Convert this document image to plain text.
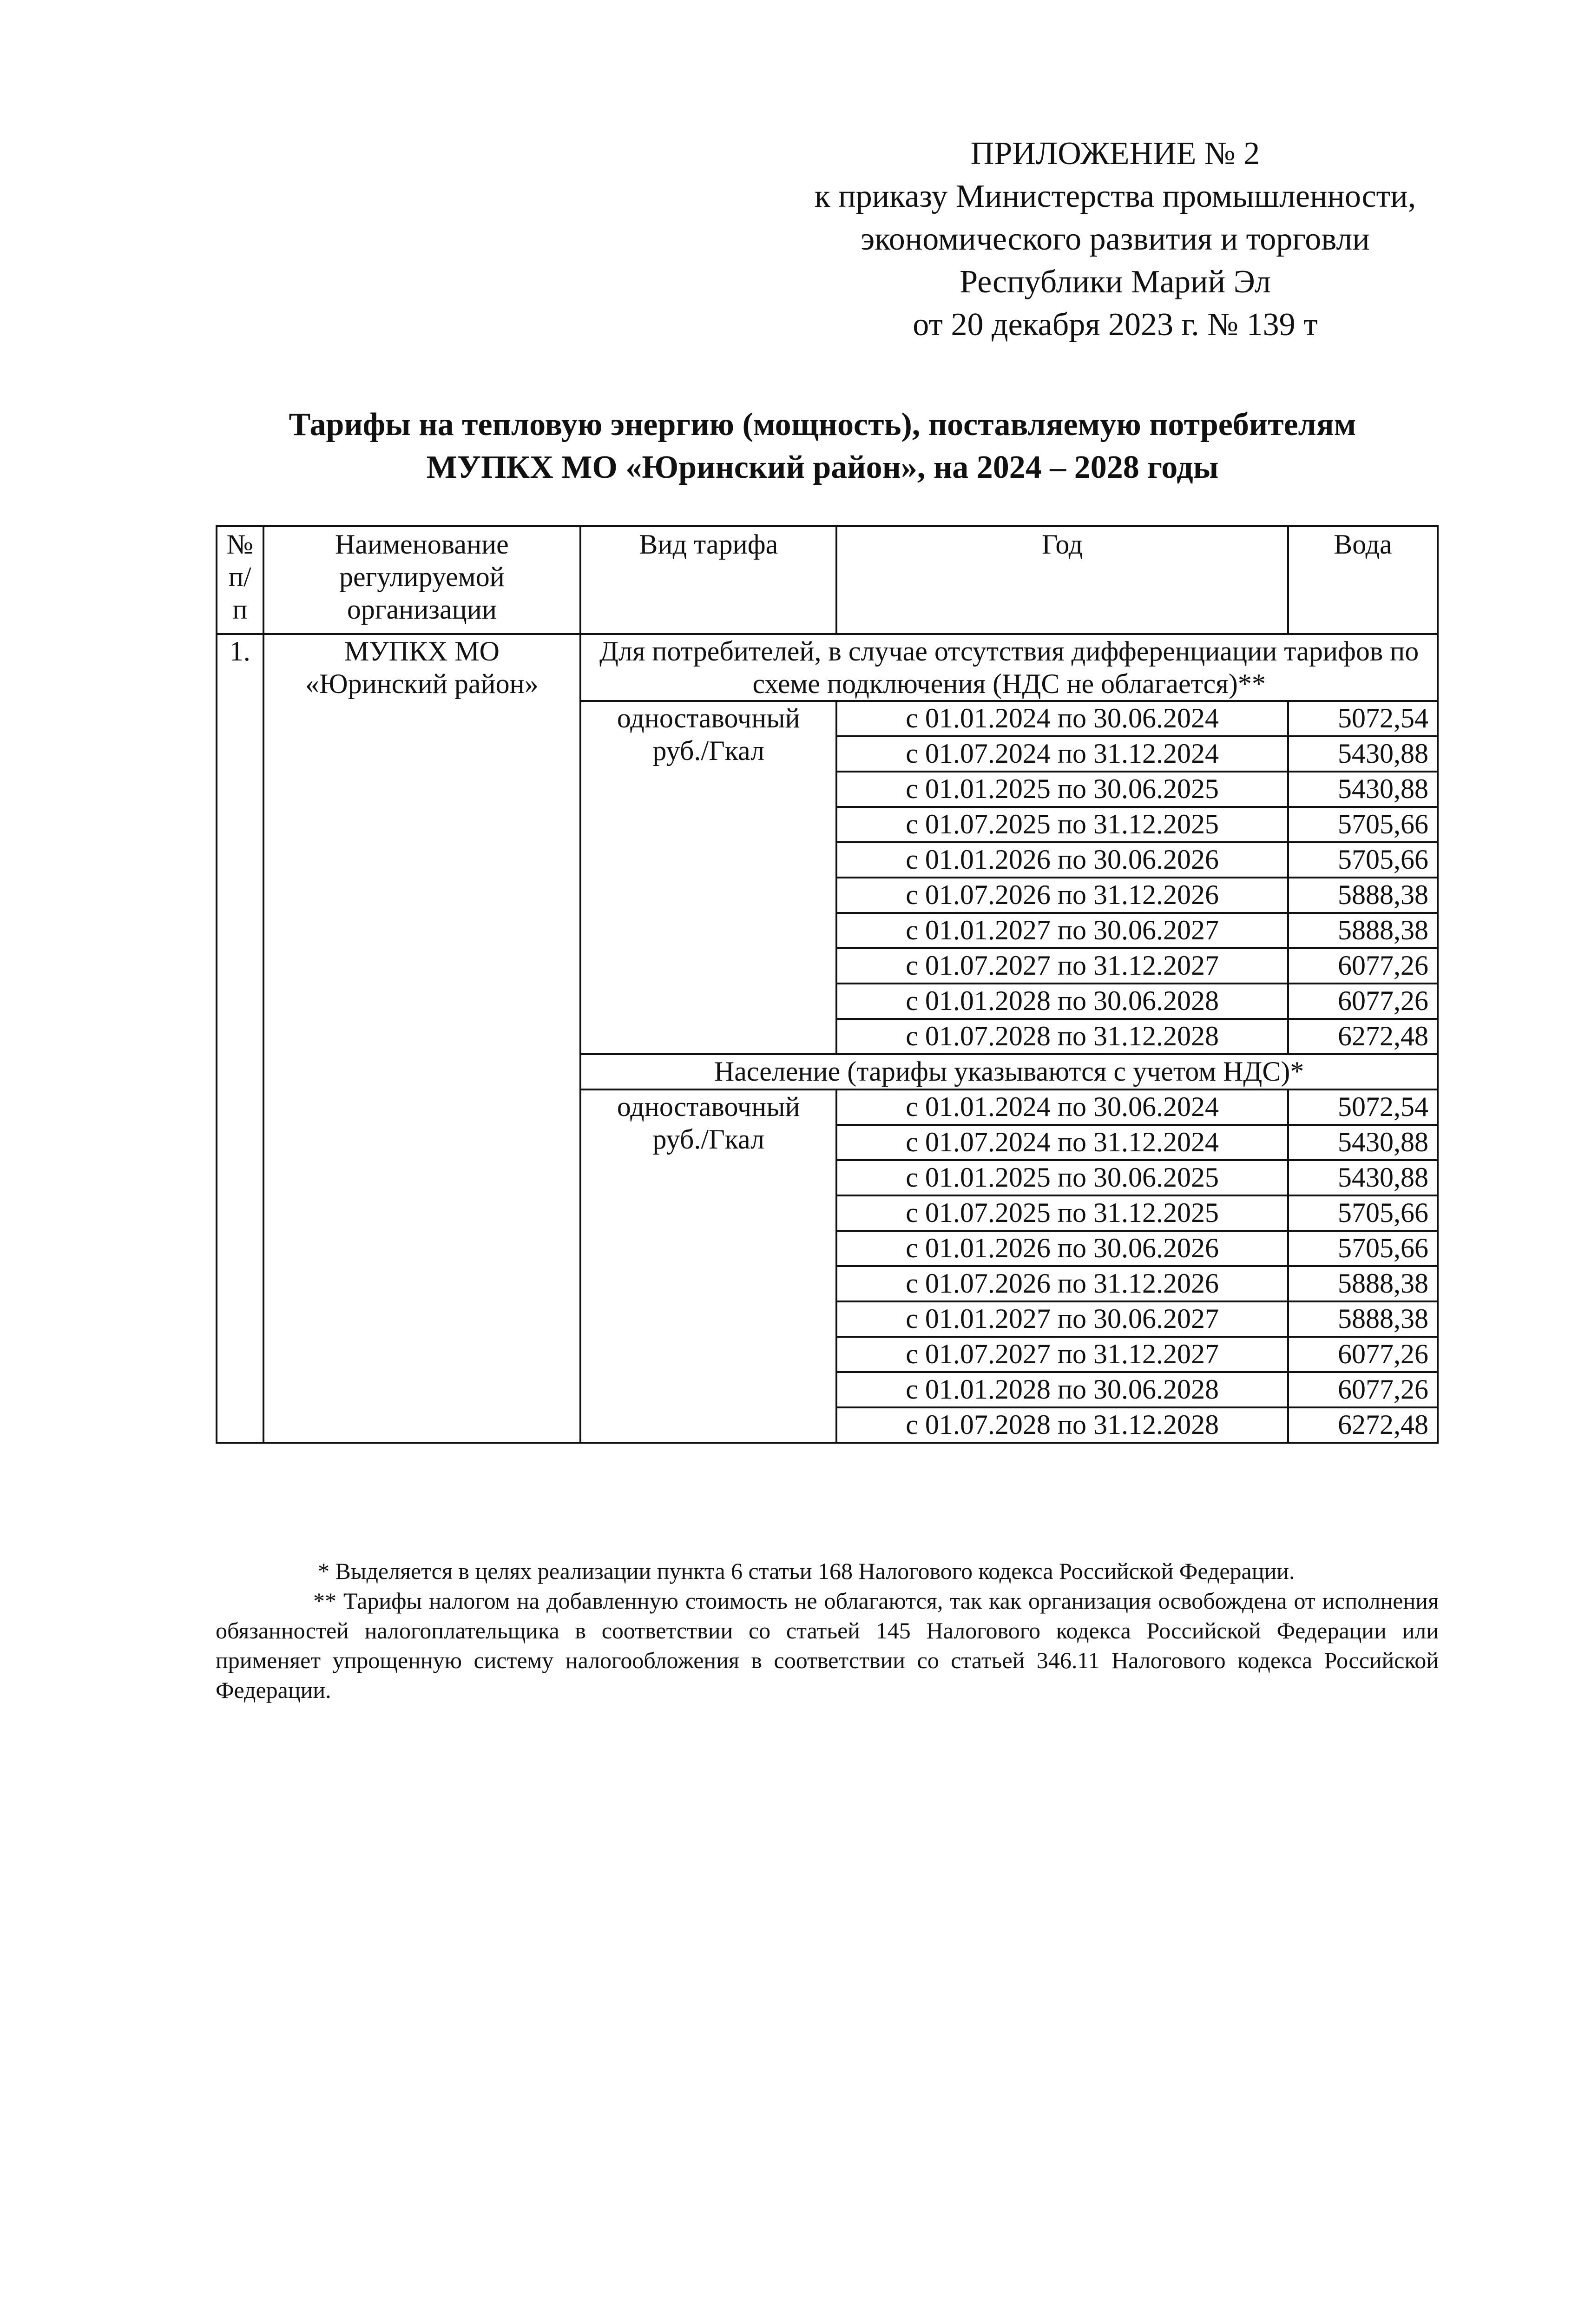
ПРИЛОЖЕНИЕ № 2
к приказу Министерства промышленности,
экономического развития и торговли
Республики Марий Эл
от 20 декабря 2023 г. № 139 т
Тарифы на тепловую энергию (мощность), поставляемую потребителям
МУПКХ МО «Юринский район», на 2024 – 2028 годы
№ п/п	Наименование регулируемой организации	Вид тарифа	Год	Вода
1.	МУПКХ МО «Юринский район»	Для потребителей, в случае отсутствия дифференциации тарифов по схеме подключения (НДС не облагается)**		
		одноставочный руб./Гкал	с 01.01.2024 по 30.06.2024	5072,54
			с 01.07.2024 по 31.12.2024	5430,88
			с 01.01.2025 по 30.06.2025	5430,88
			с 01.07.2025 по 31.12.2025	5705,66
			с 01.01.2026 по 30.06.2026	5705,66
			с 01.07.2026 по 31.12.2026	5888,38
			с 01.01.2027 по 30.06.2027	5888,38
			с 01.07.2027 по 31.12.2027	6077,26
			с 01.01.2028 по 30.06.2028	6077,26
			с 01.07.2028 по 31.12.2028	6272,48
		Население (тарифы указываются с учетом НДС)*		
		одноставочный руб./Гкал	с 01.01.2024 по 30.06.2024	5072,54
			с 01.07.2024 по 31.12.2024	5430,88
			с 01.01.2025 по 30.06.2025	5430,88
			с 01.07.2025 по 31.12.2025	5705,66
			с 01.01.2026 по 30.06.2026	5705,66
			с 01.07.2026 по 31.12.2026	5888,38
			с 01.01.2027 по 30.06.2027	5888,38
			с 01.07.2027 по 31.12.2027	6077,26
			с 01.01.2028 по 30.06.2028	6077,26
			с 01.07.2028 по 31.12.2028	6272,48

* Выделяется в целях реализации пункта 6 статьи 168 Налогового кодекса Российской Федерации.

** Тарифы налогом на добавленную стоимость не облагаются, так как организация освобождена от исполнения обязанностей налогоплательщика в соответствии со статьей 145 Налогового кодекса Российской Федерации или применяет упрощенную систему налогообложения в соответствии со статьей 346.11 Налогового кодекса Российской Федерации.
